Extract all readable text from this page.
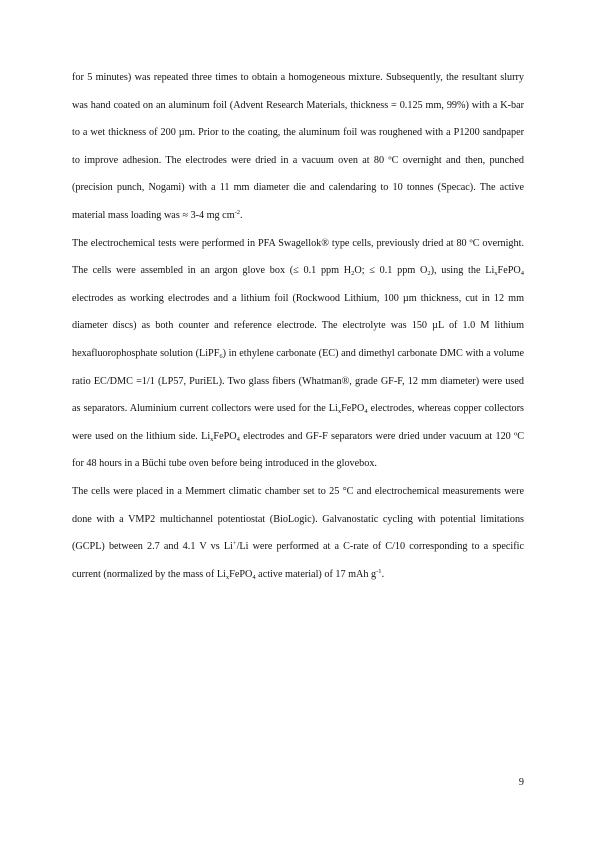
for 5 minutes) was repeated three times to obtain a homogeneous mixture. Subsequently, the resultant slurry was hand coated on an aluminum foil (Advent Research Materials, thickness = 0.125 mm, 99%) with a K-bar to a wet thickness of 200 µm. Prior to the coating, the aluminum foil was roughened with a P1200 sandpaper to improve adhesion. The electrodes were dried in a vacuum oven at 80 ºC overnight and then, punched (precision punch, Nogami) with a 11 mm diameter die and calendaring to 10 tonnes (Specac). The active material mass loading was ≈ 3-4 mg $cm^{-2}$.

The electrochemical tests were performed in PFA Swagellok® type cells, previously dried at 80 ºC overnight. The cells were assembled in an argon glove box (≤ 0.1 ppm $H_2O$; ≤ 0.1 ppm $O_2$), using the $Li_xFePO_4$ electrodes as working electrodes and a lithium foil (Rockwood Lithium, 100 µm thickness, cut in 12 mm diameter discs) as both counter and reference electrode. The electrolyte was 150 µL of 1.0 M lithium hexafluorophosphate solution (LiPF$_6$) in ethylene carbonate (EC) and dimethyl carbonate DMC with a volume ratio EC/DMC =1/1 (LP57, PuriEL). Two glass fibers (Whatman®, grade GF-F, 12 mm diameter) were used as separators. Aluminium current collectors were used for the $Li_xFePO_4$ electrodes, whereas copper collectors were used on the lithium side. $Li_xFePO_4$ electrodes and GF-F separators were dried under vacuum at 120 ºC for 48 hours in a Büchi tube oven before being introduced in the glovebox.

The cells were placed in a Memmert climatic chamber set to 25 °C and electrochemical measurements were done with a VMP2 multichannel potentiostat (BioLogic). Galvanostatic cycling with potential limitations (GCPL) between 2.7 and 4.1 V vs Li+/Li were performed at a C-rate of C/10 corresponding to a specific current (normalized by the mass of $Li_xFePO_4$ active material) of 17 mAh $g^{-1}$.

9
